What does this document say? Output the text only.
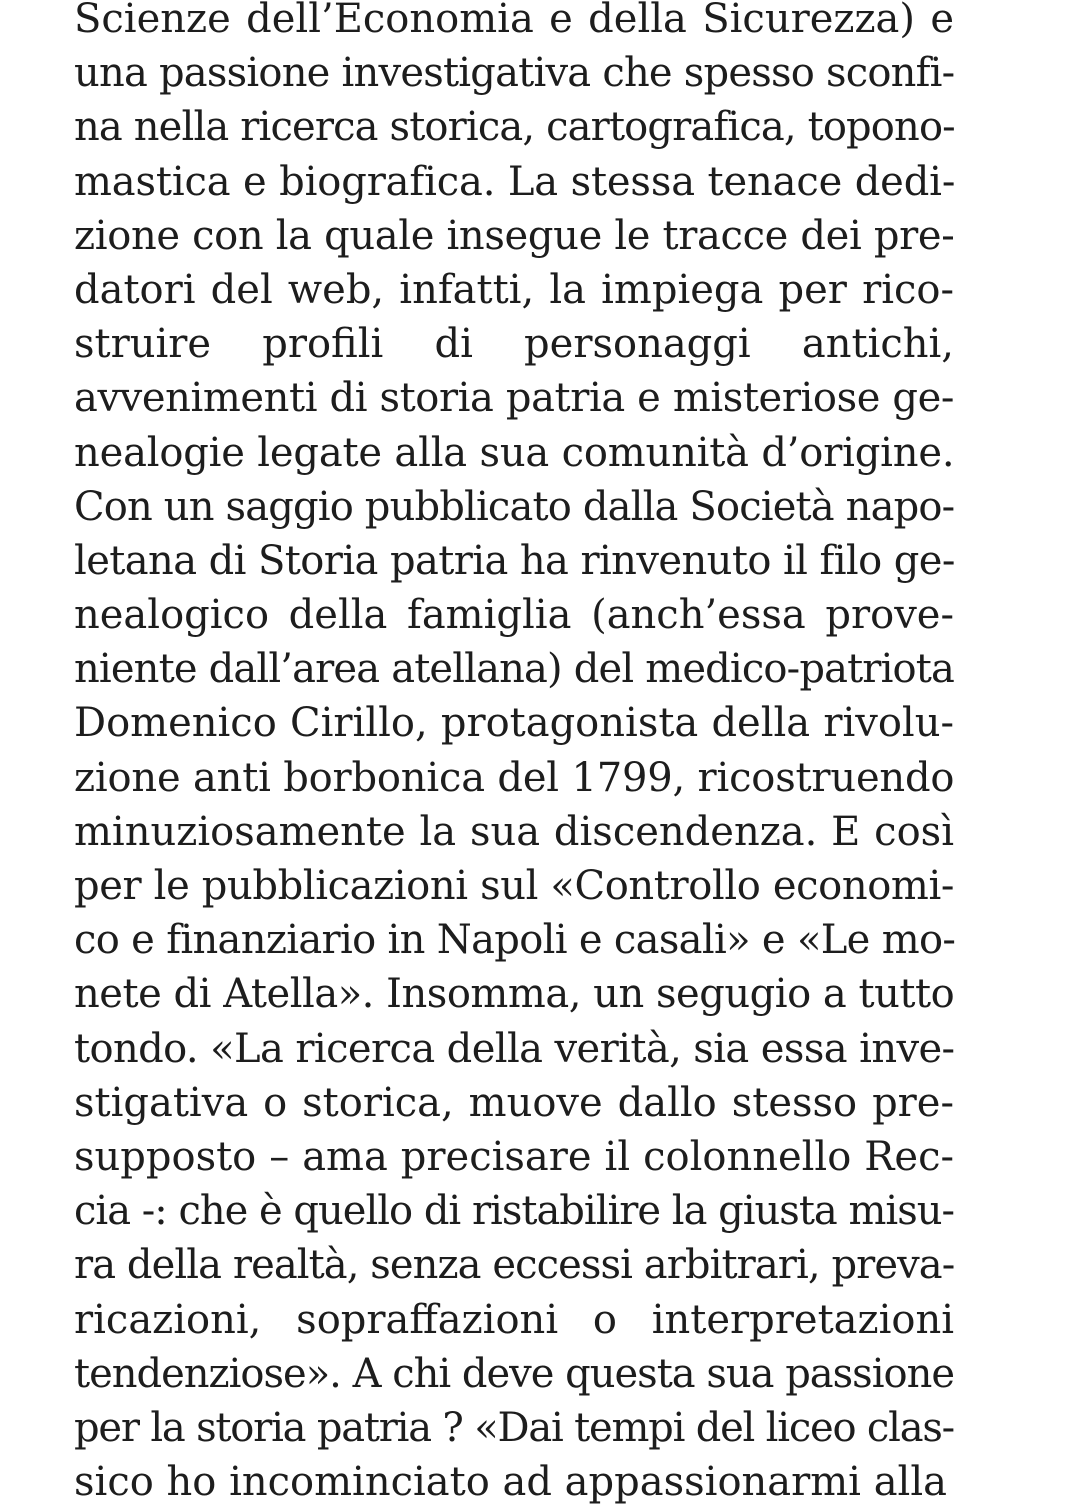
Scienze dell’Economia e della Sicurezza) e
una passione investigativa che spesso sconfi-
na nella ricerca storica, cartografica, topono-
mastica e biografica. La stessa tenace dedi-
zione con la quale insegue le tracce dei pre-
datori del web, infatti, la impiega per rico-
struire profili di personaggi antichi,
avvenimenti di storia patria e misteriose ge-
nealogie legate alla sua comunità d’origine.
Con un saggio pubblicato dalla Società napo-
letana di Storia patria ha rinvenuto il filo ge-
nealogico della famiglia (anch’essa prove-
niente dall’area atellana) del medico-patriota
Domenico Cirillo, protagonista della rivolu-
zione anti borbonica del 1799, ricostruendo
minuziosamente la sua discendenza. E così
per le pubblicazioni sul «Controllo economi-
co e finanziario in Napoli e casali» e «Le mo-
nete di Atella». Insomma, un segugio a tutto
tondo. «La ricerca della verità, sia essa inve-
stigativa o storica, muove dallo stesso pre-
supposto – ama precisare il colonnello Rec-
cia -: che è quello di ristabilire la giusta misu-
ra della realtà, senza eccessi arbitrari, preva-
ricazioni, sopraffazioni o interpretazioni
tendenziose». A chi deve questa sua passione
per la storia patria ? «Dai tempi del liceo clas-
sico ho incominciato ad appassionarmi alla
